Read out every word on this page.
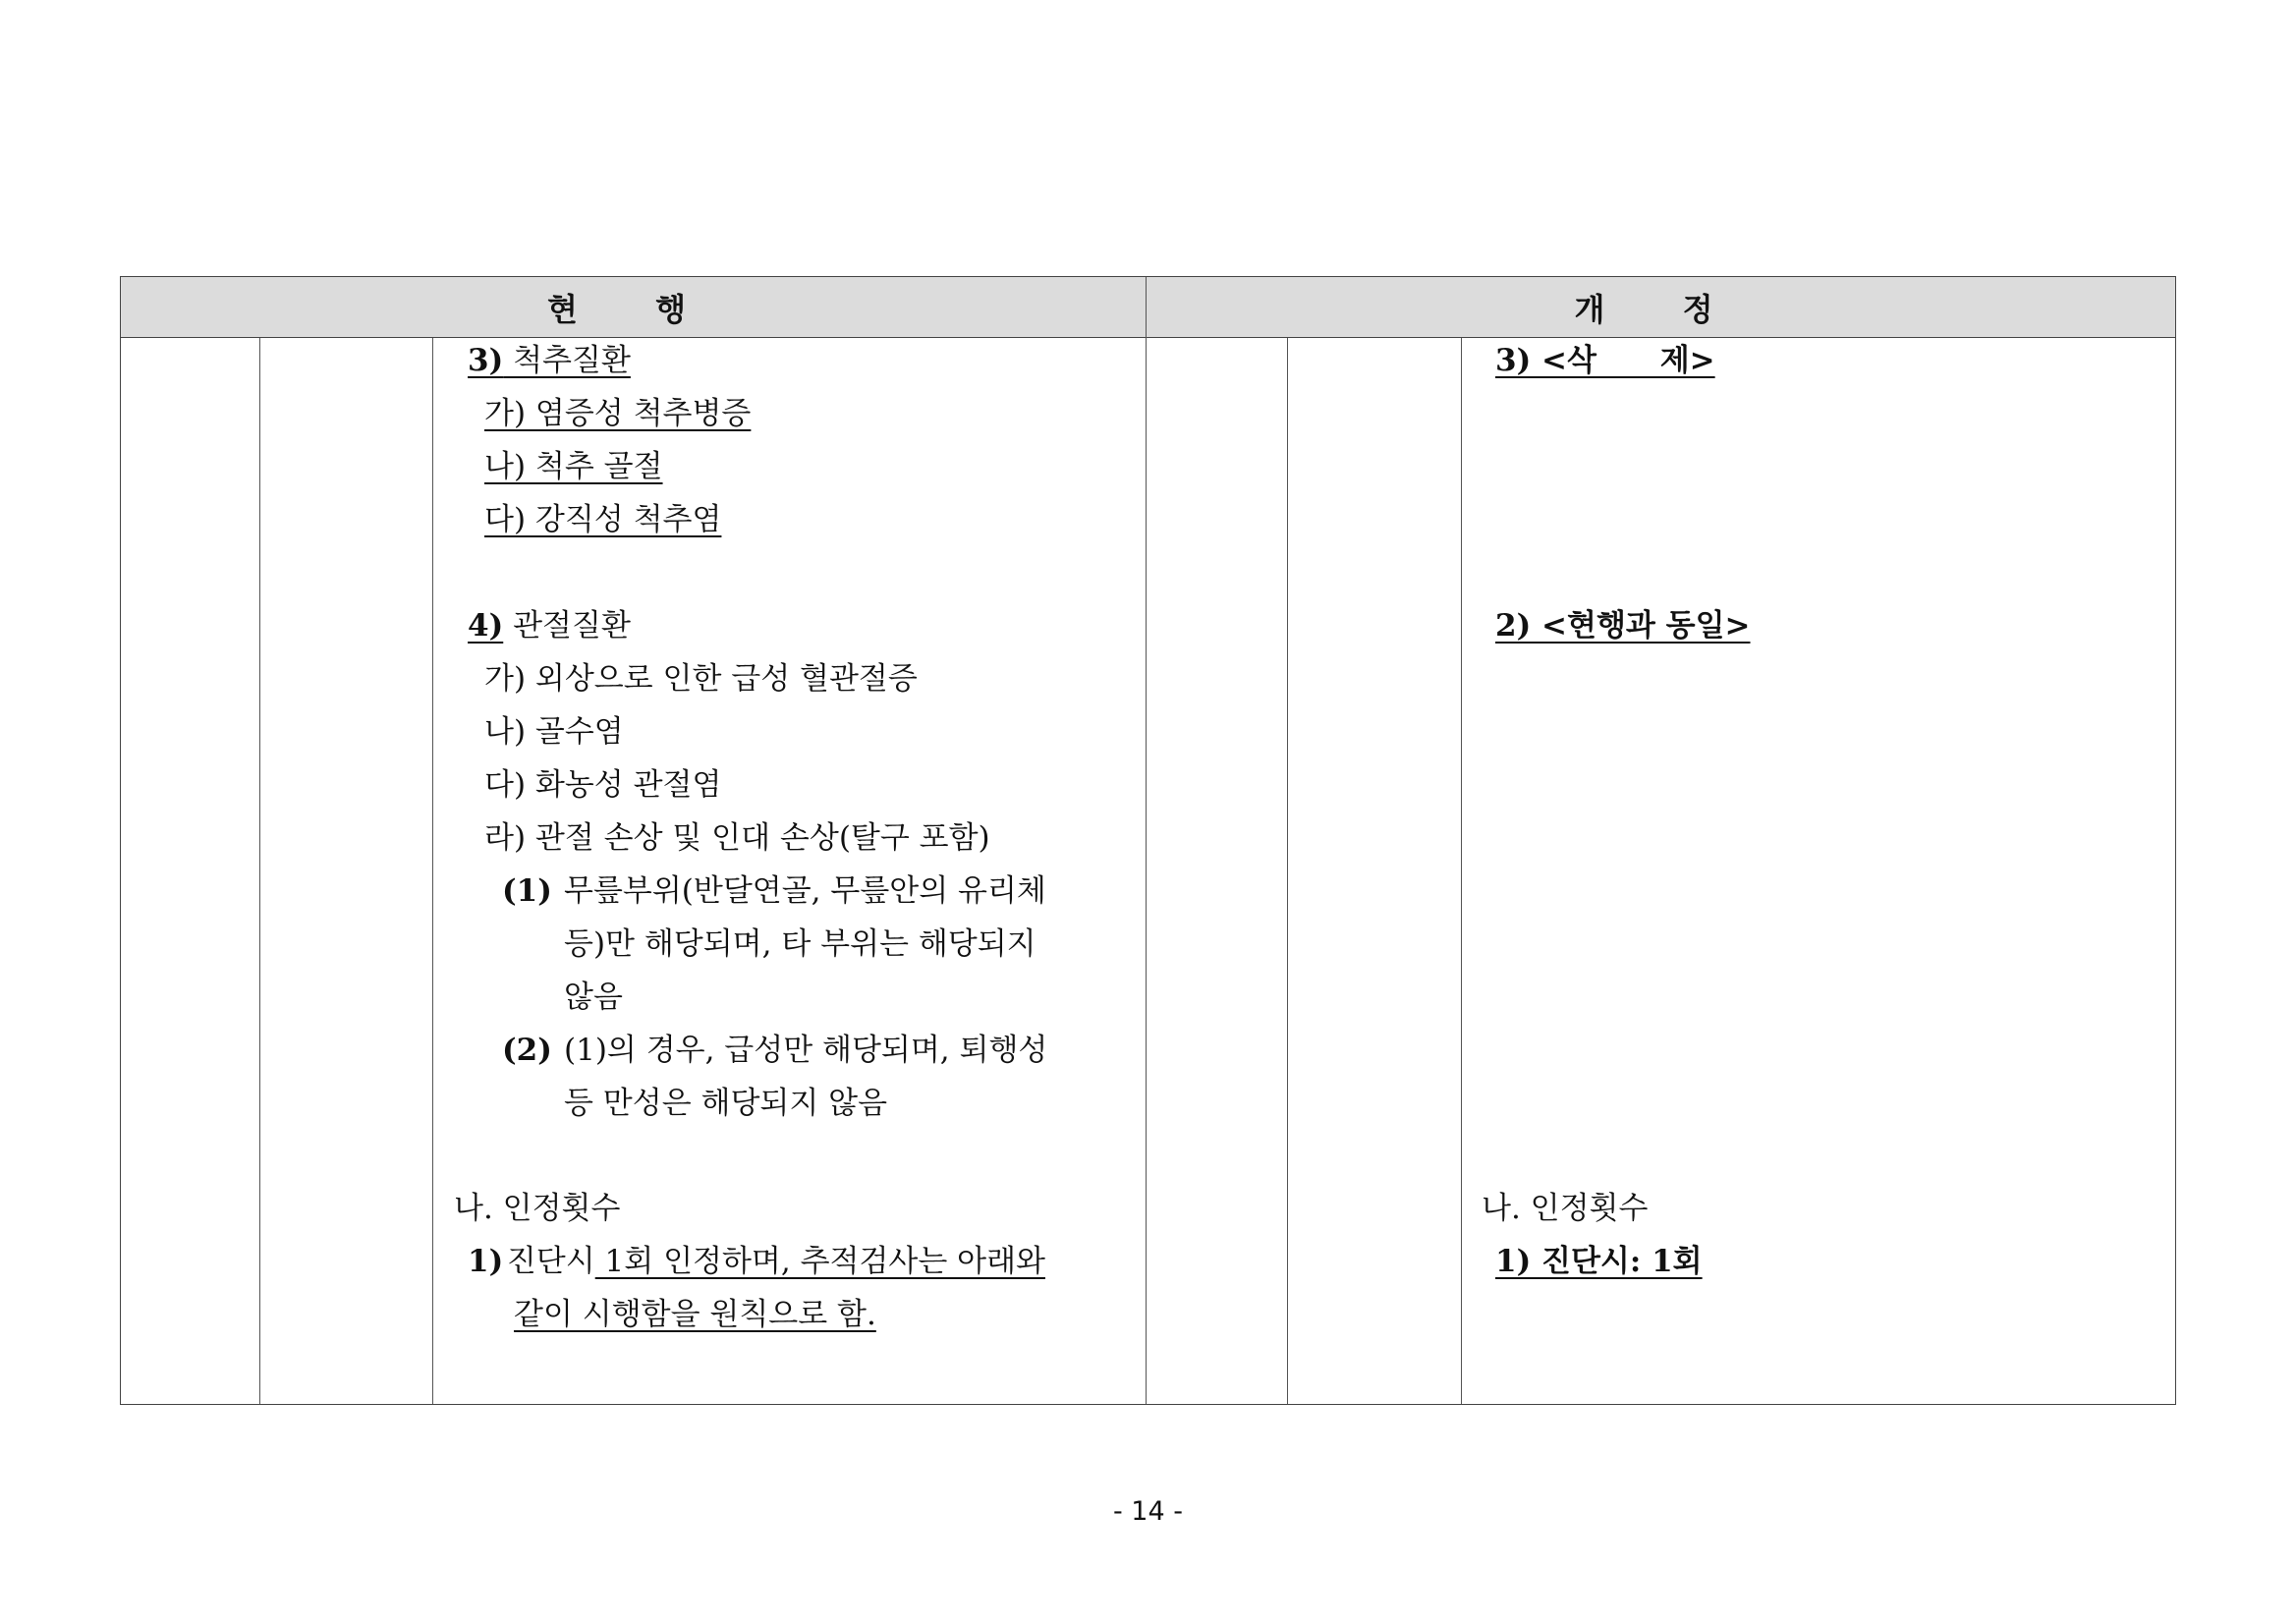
현 행	개 정
3) 척추질환
가) 염증성 척추병증
나) 척추 골절
다) 강직성 척추염
4) 관절질환
가) 외상으로 인한 급성 혈관절증
나) 골수염
다) 화농성 관절염
라) 관절 손상 및 인대 손상(탈구 포함)
(1) 무릎부위(반달연골, 무릎안의 유리체
등)만 해당되며, 타 부위는 해당되지
않음
(2) (1)의 경우, 급성만 해당되며, 퇴행성
등 만성은 해당되지 않음
나. 인정횟수
1)
진단시 1회 인정하며, 추적검사는 아래와
같이 시행함을 원칙으로 함.
3) <삭      제>
2) <현행과 동일>
나. 인정횟수
1) 진단시: 1회
- 14 -
